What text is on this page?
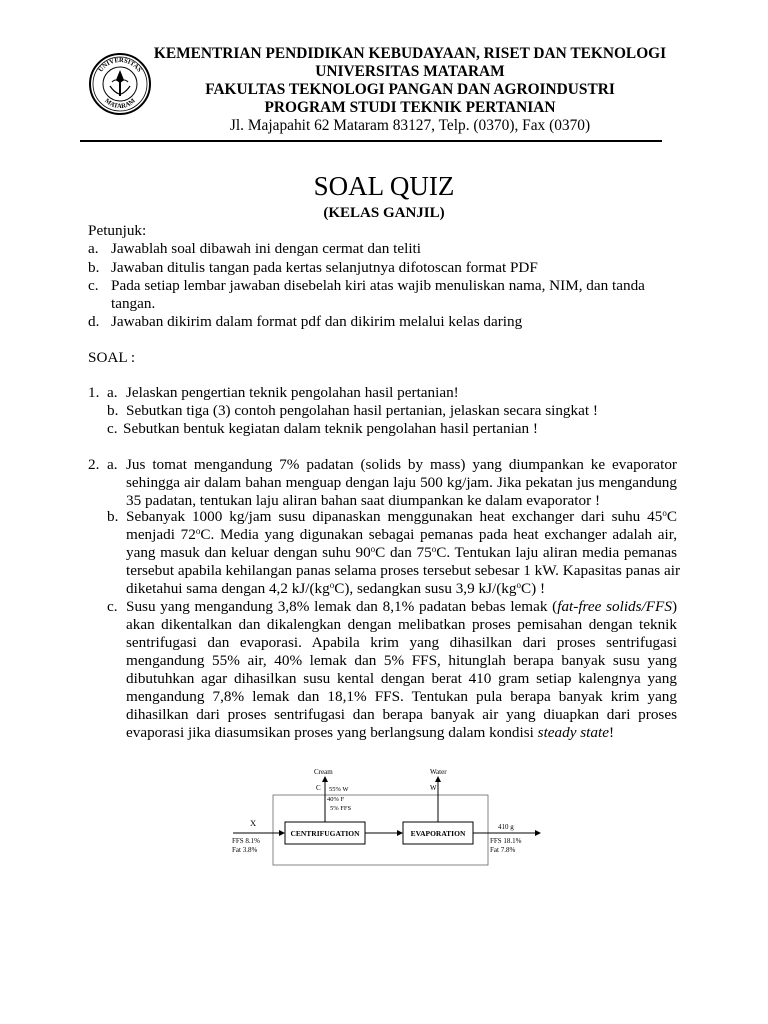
UNIVERSITAS
MATARAM
KEMENTRIAN PENDIDIKAN KEBUDAYAAN, RISET DAN TEKNOLOGI
UNIVERSITAS MATARAM
FAKULTAS TEKNOLOGI PANGAN DAN AGROINDUSTRI
PROGRAM STUDI TEKNIK PERTANIAN
Jl. Majapahit 62 Mataram 83127, Telp. (0370), Fax (0370)
SOAL QUIZ
(KELAS GANJIL)
Petunjuk:
a. Jawablah soal dibawah ini dengan cermat dan teliti
b. Jawaban ditulis tangan pada kertas selanjutnya difotoscan format PDF
c. Pada setiap lembar jawaban disebelah kiri atas wajib menuliskan nama, NIM, dan tanda
tangan.
d. Jawaban dikirim dalam format pdf dan dikirim melalui kelas daring
SOAL :
1. a. Jelaskan pengertian teknik pengolahan hasil pertanian!
b. Sebutkan tiga (3) contoh pengolahan hasil pertanian, jelaskan secara singkat !
c. Sebutkan bentuk kegiatan dalam teknik pengolahan hasil pertanian !
2. a. Jus tomat mengandung 7% padatan (solids by mass) yang diumpankan ke evaporator
sehingga air dalam bahan menguap dengan laju 500 kg/jam. Jika pekatan jus mengandung
35 padatan, tentukan laju aliran bahan saat diumpankan ke dalam evaporator !
b. Sebanyak 1000 kg/jam susu dipanaskan menggunakan heat exchanger dari suhu 45$^o$C
menjadi 72$^o$C. Media yang digunakan sebagai pemanas pada heat exchanger adalah air,
yang masuk dan keluar dengan suhu 90$^o$C dan 75$^o$C. Tentukan laju aliran media pemanas
tersebut apabila kehilangan panas selama proses tersebut sebesar 1 kW. Kapasitas panas air
diketahui sama dengan 4,2 $kJ/(kg^oC)$, sedangkan susu 3,9 $kJ/(kg^oC)$ !
c. Susu yang mengandung 3,8% lemak dan 8,1% padatan bebas lemak (fat-free solids/FFS)
akan dikentalkan dan dikalengkan dengan melibatkan proses pemisahan dengan teknik
sentrifugasi dan evaporasi. Apabila krim yang dihasilkan dari proses sentrifugasi
mengandung 55% air, 40% lemak dan 5% FFS, hitunglah berapa banyak susu yang
dibutuhkan agar dihasilkan susu kental dengan berat 410 gram setiap kalengnya yang
mengandung 7,8% lemak dan 18,1% FFS. Tentukan pula berapa banyak krim yang
dihasilkan dari proses sentrifugasi dan berapa banyak air yang diuapkan dari proses
evaporasi jika diasumsikan proses yang berlangsung dalam kondisi steady state!
CENTRIFUGATION	EVAPORATION
X
FFS 8.1%
Fat 3.8%
410 g
FFS 18.1%
Fat 7.8%
Cream
C 55% W
40% F
5% FFS
Water
W
